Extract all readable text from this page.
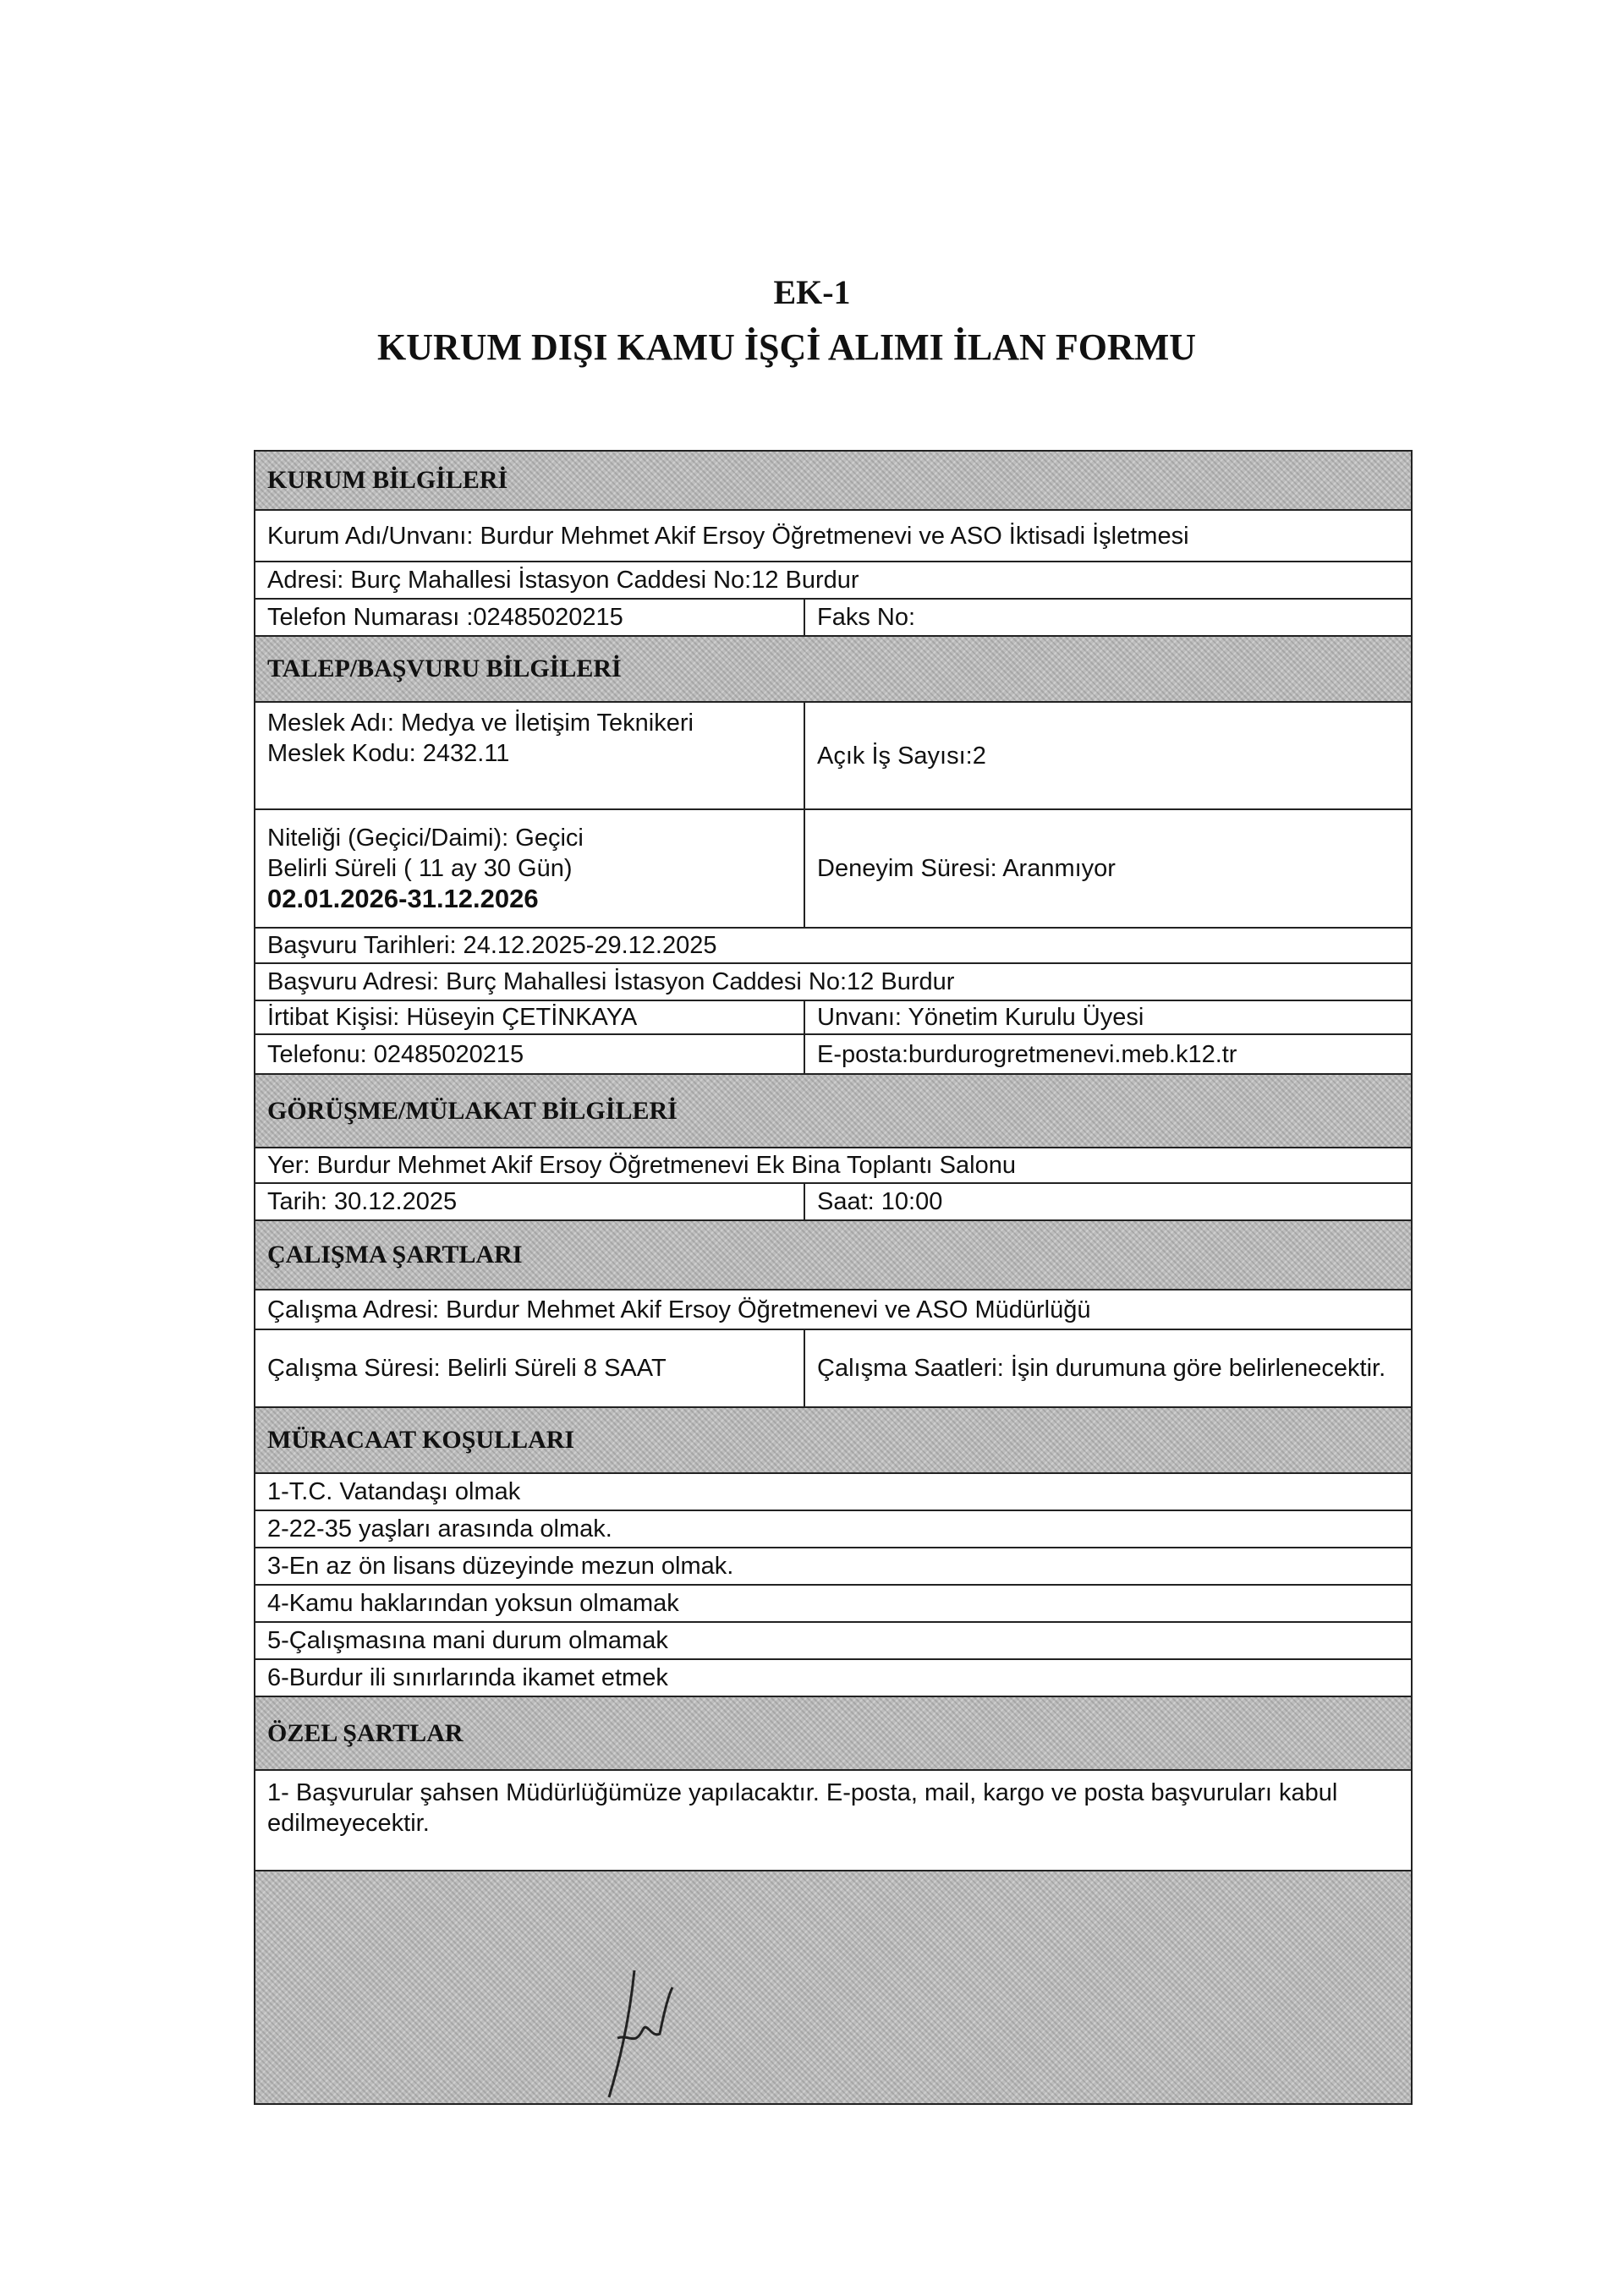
EK-1
KURUM DIŞI KAMU İŞÇİ ALIMI İLAN FORMU
KURUM BİLGİLERİ
Kurum Adı/Unvanı: Burdur Mehmet Akif Ersoy Öğretmenevi ve ASO İktisadi İşletmesi
Adresi: Burç Mahallesi İstasyon Caddesi No:12 Burdur
Telefon Numarası :02485020215	Faks No:
TALEP/BAŞVURU BİLGİLERİ
Meslek Adı: Medya ve İletişim Teknikeri
Meslek Kodu: 2432.11	Açık İş Sayısı:2
Niteliği (Geçici/Daimi): Geçici
Belirli Süreli ( 11 ay 30 Gün)
02.01.2026-31.12.2026
Deneyim Süresi: Aranmıyor
Başvuru Tarihleri: 24.12.2025-29.12.2025
Başvuru Adresi: Burç Mahallesi İstasyon Caddesi No:12 Burdur
İrtibat Kişisi: Hüseyin ÇETİNKAYA	Unvanı: Yönetim Kurulu Üyesi
Telefonu: 02485020215	E-posta:burdurogretmenevi.meb.k12.tr
GÖRÜŞME/MÜLAKAT BİLGİLERİ
Yer: Burdur Mehmet Akif Ersoy Öğretmenevi Ek Bina Toplantı Salonu
Tarih: 30.12.2025	Saat: 10:00
ÇALIŞMA ŞARTLARI
Çalışma Adresi: Burdur Mehmet Akif Ersoy Öğretmenevi ve ASO Müdürlüğü
Çalışma Süresi: Belirli Süreli 8 SAAT	Çalışma Saatleri: İşin durumuna göre belirlenecektir.
MÜRACAAT KOŞULLARI
1-T.C. Vatandaşı olmak
2-22-35 yaşları arasında olmak.
3-En az ön lisans düzeyinde mezun olmak.
4-Kamu haklarından yoksun olmamak
5-Çalışmasına mani durum olmamak
6-Burdur ili sınırlarında ikamet etmek
ÖZEL ŞARTLAR
1- Başvurular şahsen Müdürlüğümüze yapılacaktır. E-posta, mail, kargo ve posta başvuruları kabul edilmeyecektir.
